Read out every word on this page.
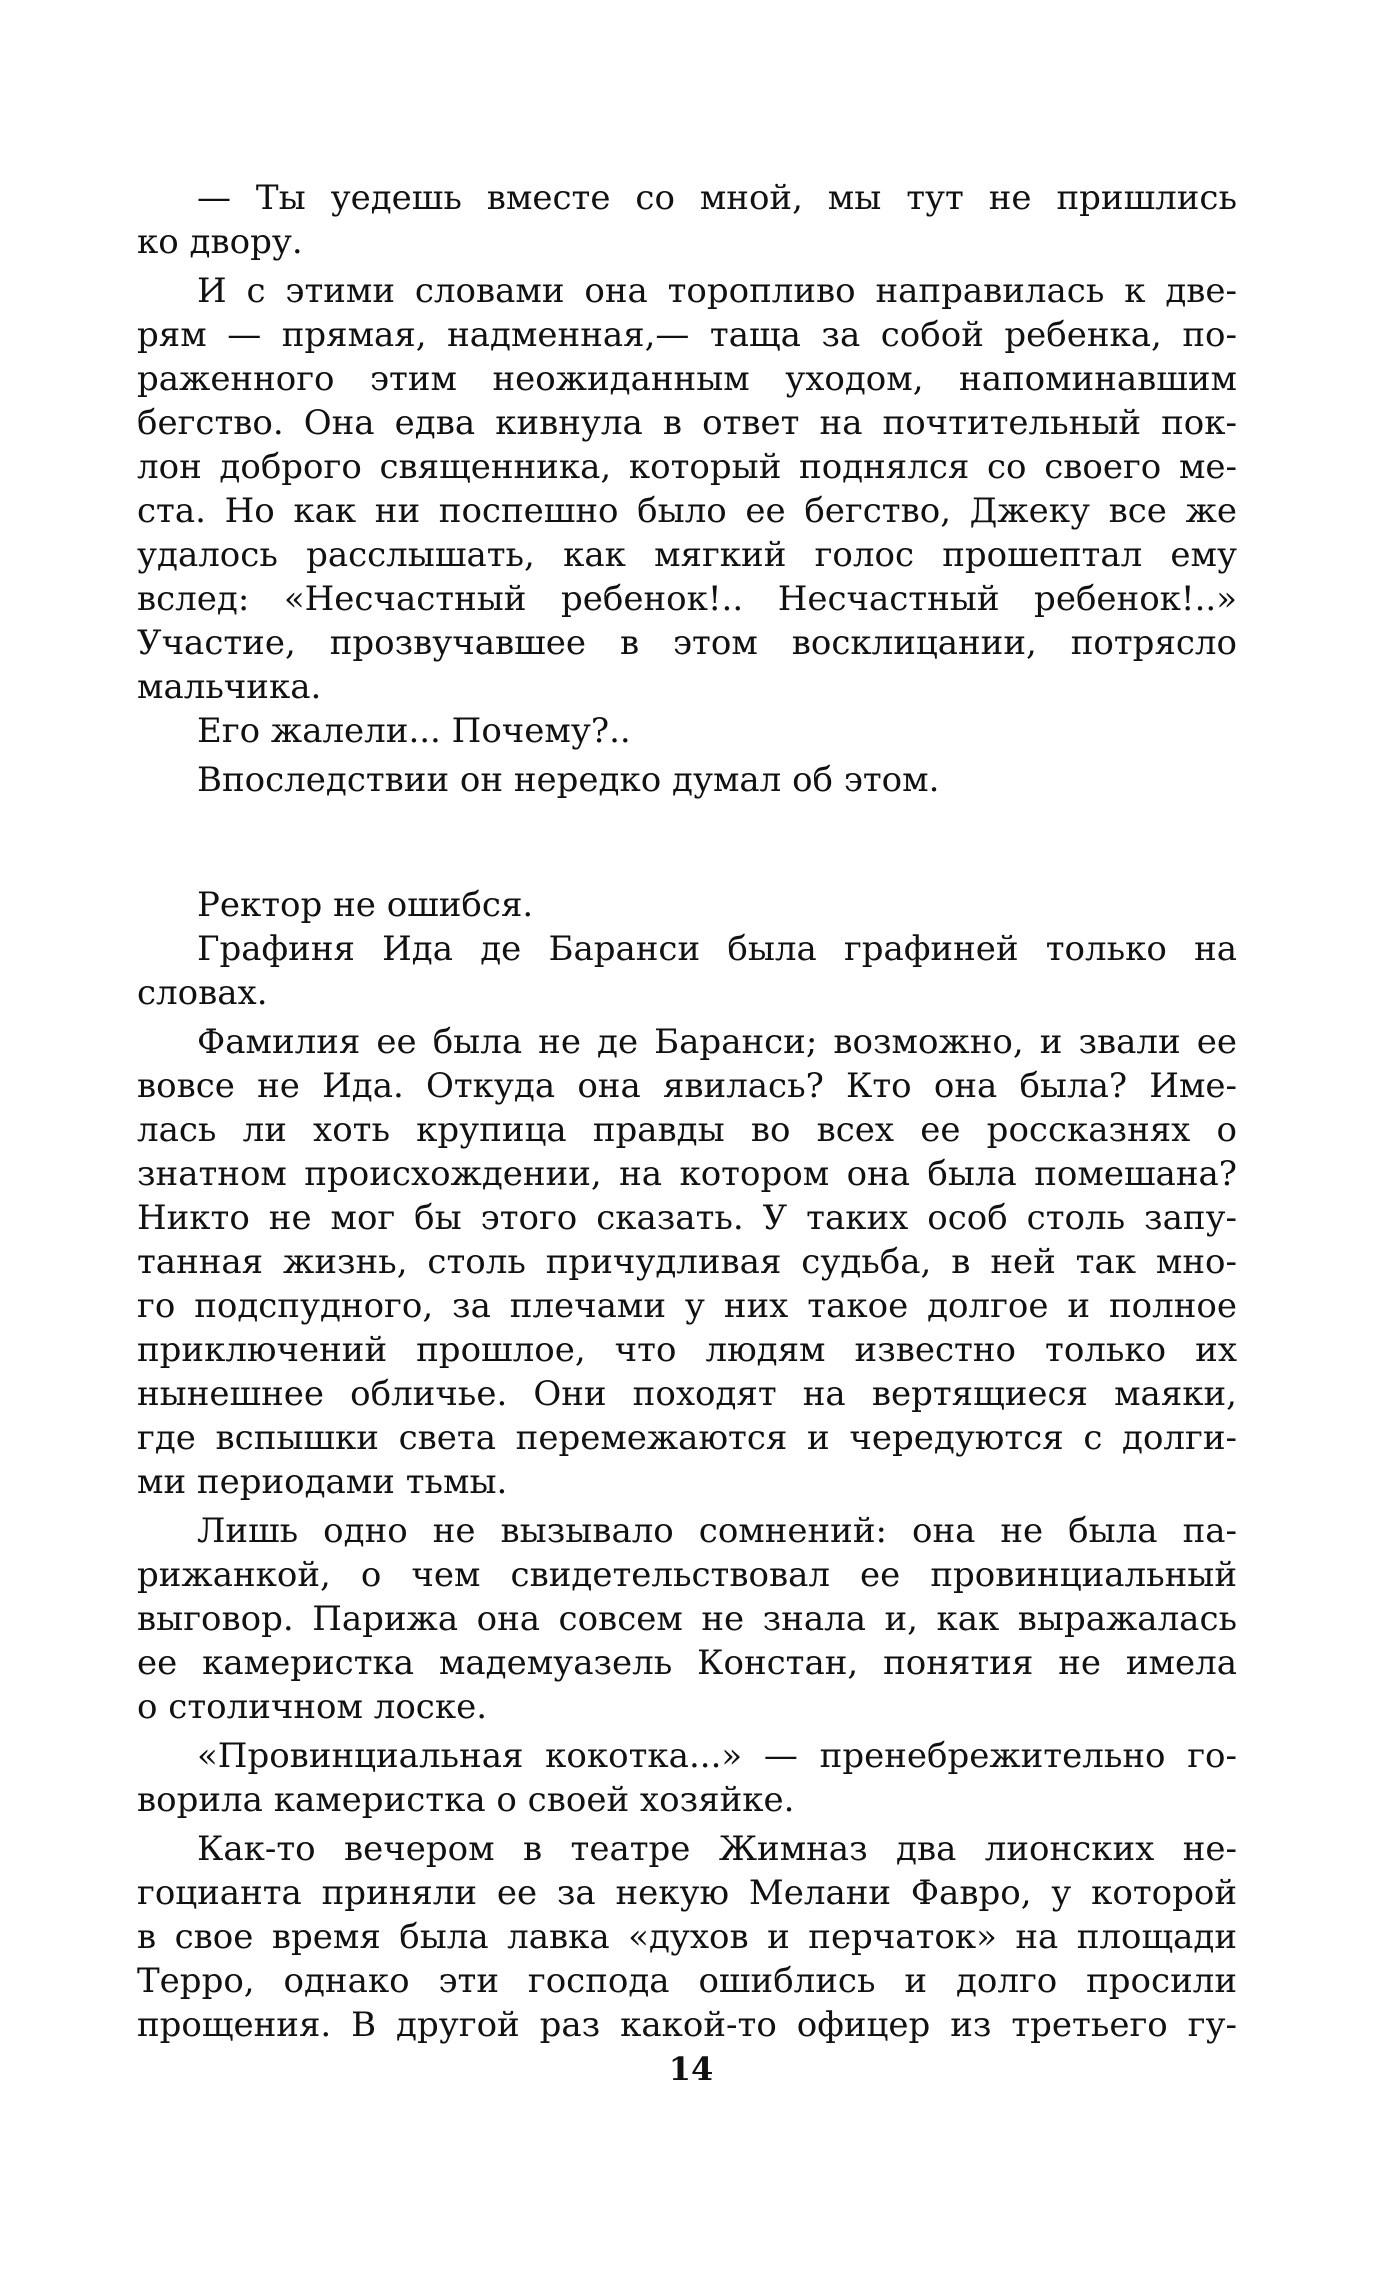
— Ты уедешь вместе со мной, мы тут не пришлись
ко двору.
И с этими словами она торопливо направилась к две-
рям — прямая, надменная,— таща за собой ребенка, по-
раженного этим неожиданным уходом, напоминавшим
бегство. Она едва кивнула в ответ на почтительный пок-
лон доброго священника, который поднялся со своего ме-
ста. Но как ни поспешно было ее бегство, Джеку все же
удалось расслышать, как мягкий голос прошептал ему
вслед: «Несчастный ребенок!.. Несчастный ребенок!..»
Участие, прозвучавшее в этом восклицании, потрясло
мальчика.
Его жалели... Почему?..
Впоследствии он нередко думал об этом.
Ректор не ошибся.
Графиня Ида де Баранси была графиней только на
словах.
Фамилия ее была не де Баранси; возможно, и звали ее
вовсе не Ида. Откуда она явилась? Кто она была? Име-
лась ли хоть крупица правды во всех ее россказнях о
знатном происхождении, на котором она была помешана?
Никто не мог бы этого сказать. У таких особ столь запу-
танная жизнь, столь причудливая судьба, в ней так мно-
го подспудного, за плечами у них такое долгое и полное
приключений прошлое, что людям известно только их
нынешнее обличье. Они походят на вертящиеся маяки,
где вспышки света перемежаются и чередуются с долги-
ми периодами тьмы.
Лишь одно не вызывало сомнений: она не была па-
рижанкой, о чем свидетельствовал ее провинциальный
выговор. Парижа она совсем не знала и, как выражалась
ее камеристка мадемуазель Констан, понятия не имела
о столичном лоске.
«Провинциальная кокотка...» — пренебрежительно го-
ворила камеристка о своей хозяйке.
Как-то вечером в театре Жимназ два лионских не-
гоцианта приняли ее за некую Мелани Фавро, у которой
в свое время была лавка «духов и перчаток» на площади
Терро, однако эти господа ошиблись и долго просили
прощения. В другой раз какой-то офицер из третьего гу-
14
